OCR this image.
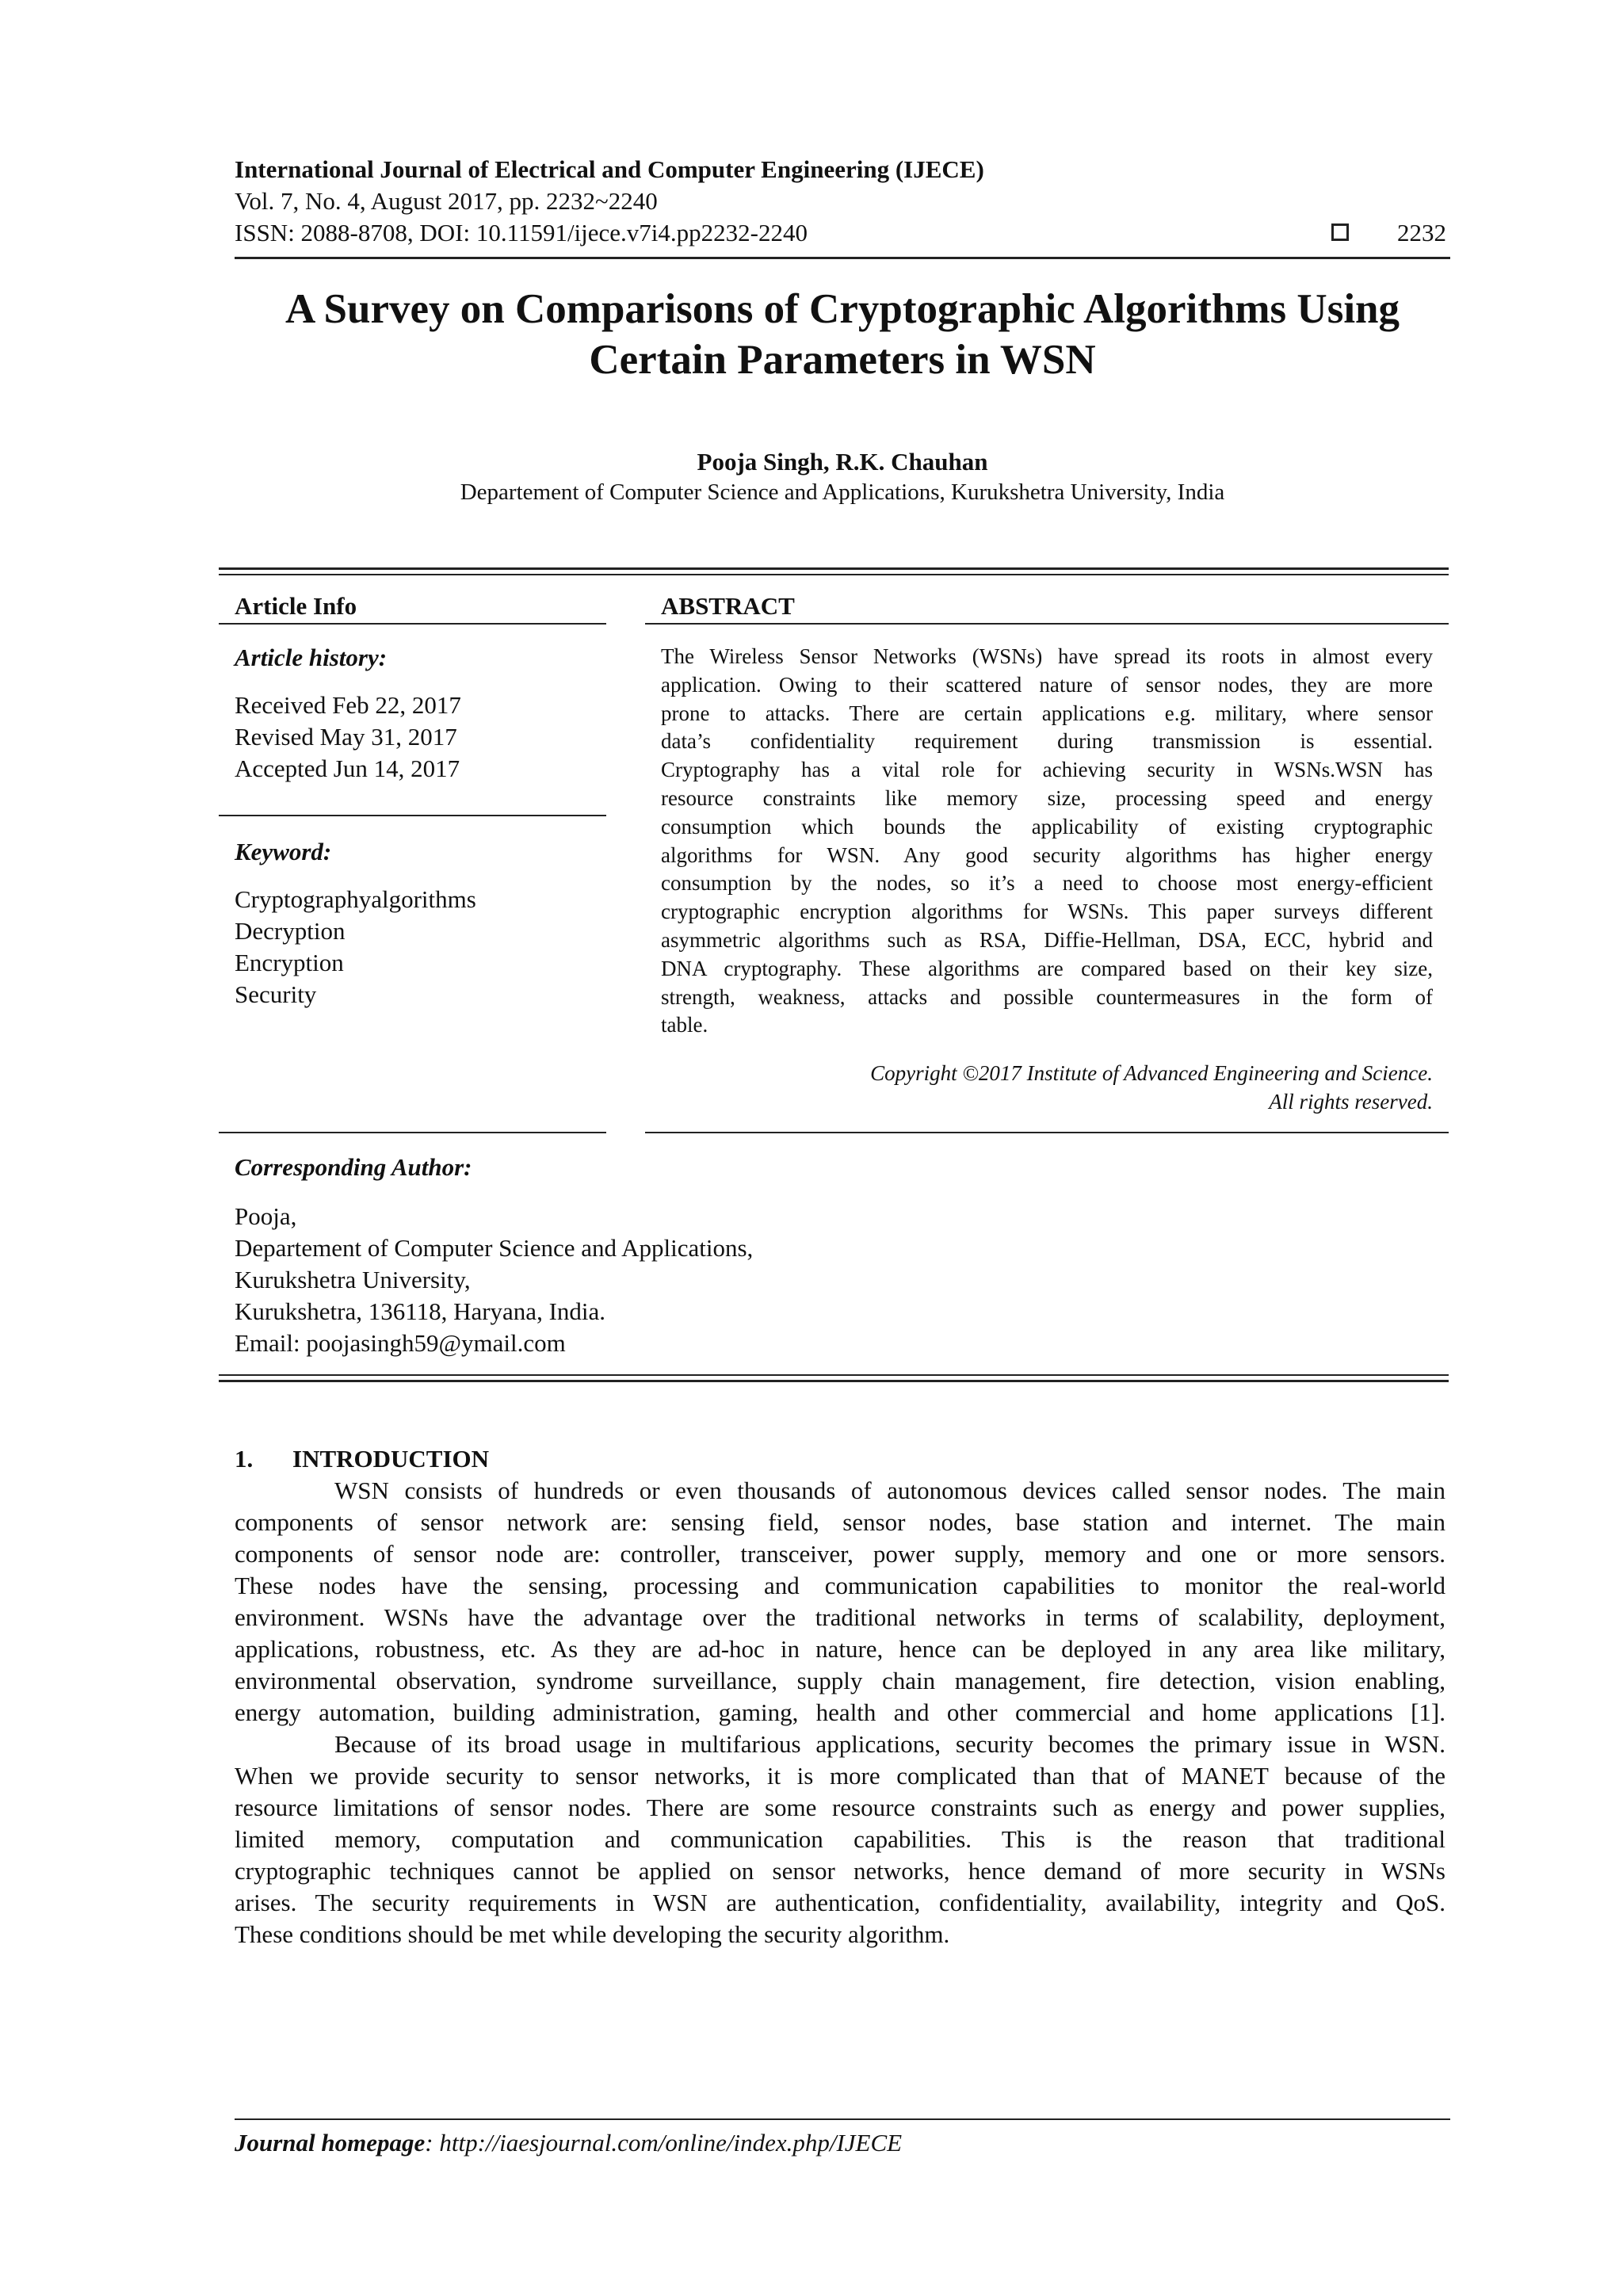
International Journal of Electrical and Computer Engineering (IJECE)
Vol. 7, No. 4, August 2017, pp. 2232~2240
ISSN: 2088-8708, DOI: 10.11591/ijece.v7i4.pp2232-2240	2232
A Survey on Comparisons of Cryptographic Algorithms Using
Certain Parameters in WSN
Pooja Singh, R.K. Chauhan
Departement of Computer Science and Applications, Kurukshetra University, India
Article Info
Article history:
Received Feb 22, 2017
Revised May 31, 2017
Accepted Jun 14, 2017
Keyword:
Cryptographyalgorithms
Decryption
Encryption
Security
ABSTRACT
The Wireless Sensor Networks (WSNs) have spread its roots in almost every
application. Owing to their scattered nature of sensor nodes, they are more
prone to attacks. There are certain applications e.g. military, where sensor
data’s confidentiality requirement during transmission is essential.
Cryptography has a vital role for achieving security in WSNs.WSN has
resource constraints like memory size, processing speed and energy
consumption which bounds the applicability of existing cryptographic
algorithms for WSN. Any good security algorithms has higher energy
consumption by the nodes, so it’s a need to choose most energy-efficient
cryptographic encryption algorithms for WSNs. This paper surveys different
asymmetric algorithms such as RSA, Diffie-Hellman, DSA, ECC, hybrid and
DNA cryptography. These algorithms are compared based on their key size,
strength, weakness, attacks and possible countermeasures in the form of
table.
Copyright ©2017 Institute of Advanced Engineering and Science.
All rights reserved.
Corresponding Author:
Pooja,
Departement of Computer Science and Applications,
Kurukshetra University,
Kurukshetra, 136118, Haryana, India.
Email: poojasingh59@ymail.com
1. INTRODUCTION
WSN consists of hundreds or even thousands of autonomous devices called sensor nodes. The main
components of sensor network are: sensing field, sensor nodes, base station and internet. The main
components of sensor node are: controller, transceiver, power supply, memory and one or more sensors.
These nodes have the sensing, processing and communication capabilities to monitor the real-world
environment. WSNs have the advantage over the traditional networks in terms of scalability, deployment,
applications, robustness, etc. As they are ad-hoc in nature, hence can be deployed in any area like military,
environmental observation, syndrome surveillance, supply chain management, fire detection, vision enabling,
energy automation, building administration, gaming, health and other commercial and home applications [1].
Because of its broad usage in multifarious applications, security becomes the primary issue in WSN.
When we provide security to sensor networks, it is more complicated than that of MANET because of the
resource limitations of sensor nodes. There are some resource constraints such as energy and power supplies,
limited memory, computation and communication capabilities. This is the reason that traditional
cryptographic techniques cannot be applied on sensor networks, hence demand of more security in WSNs
arises. The security requirements in WSN are authentication, confidentiality, availability, integrity and QoS.
These conditions should be met while developing the security algorithm.
Journal homepage: http://iaesjournal.com/online/index.php/IJECE
